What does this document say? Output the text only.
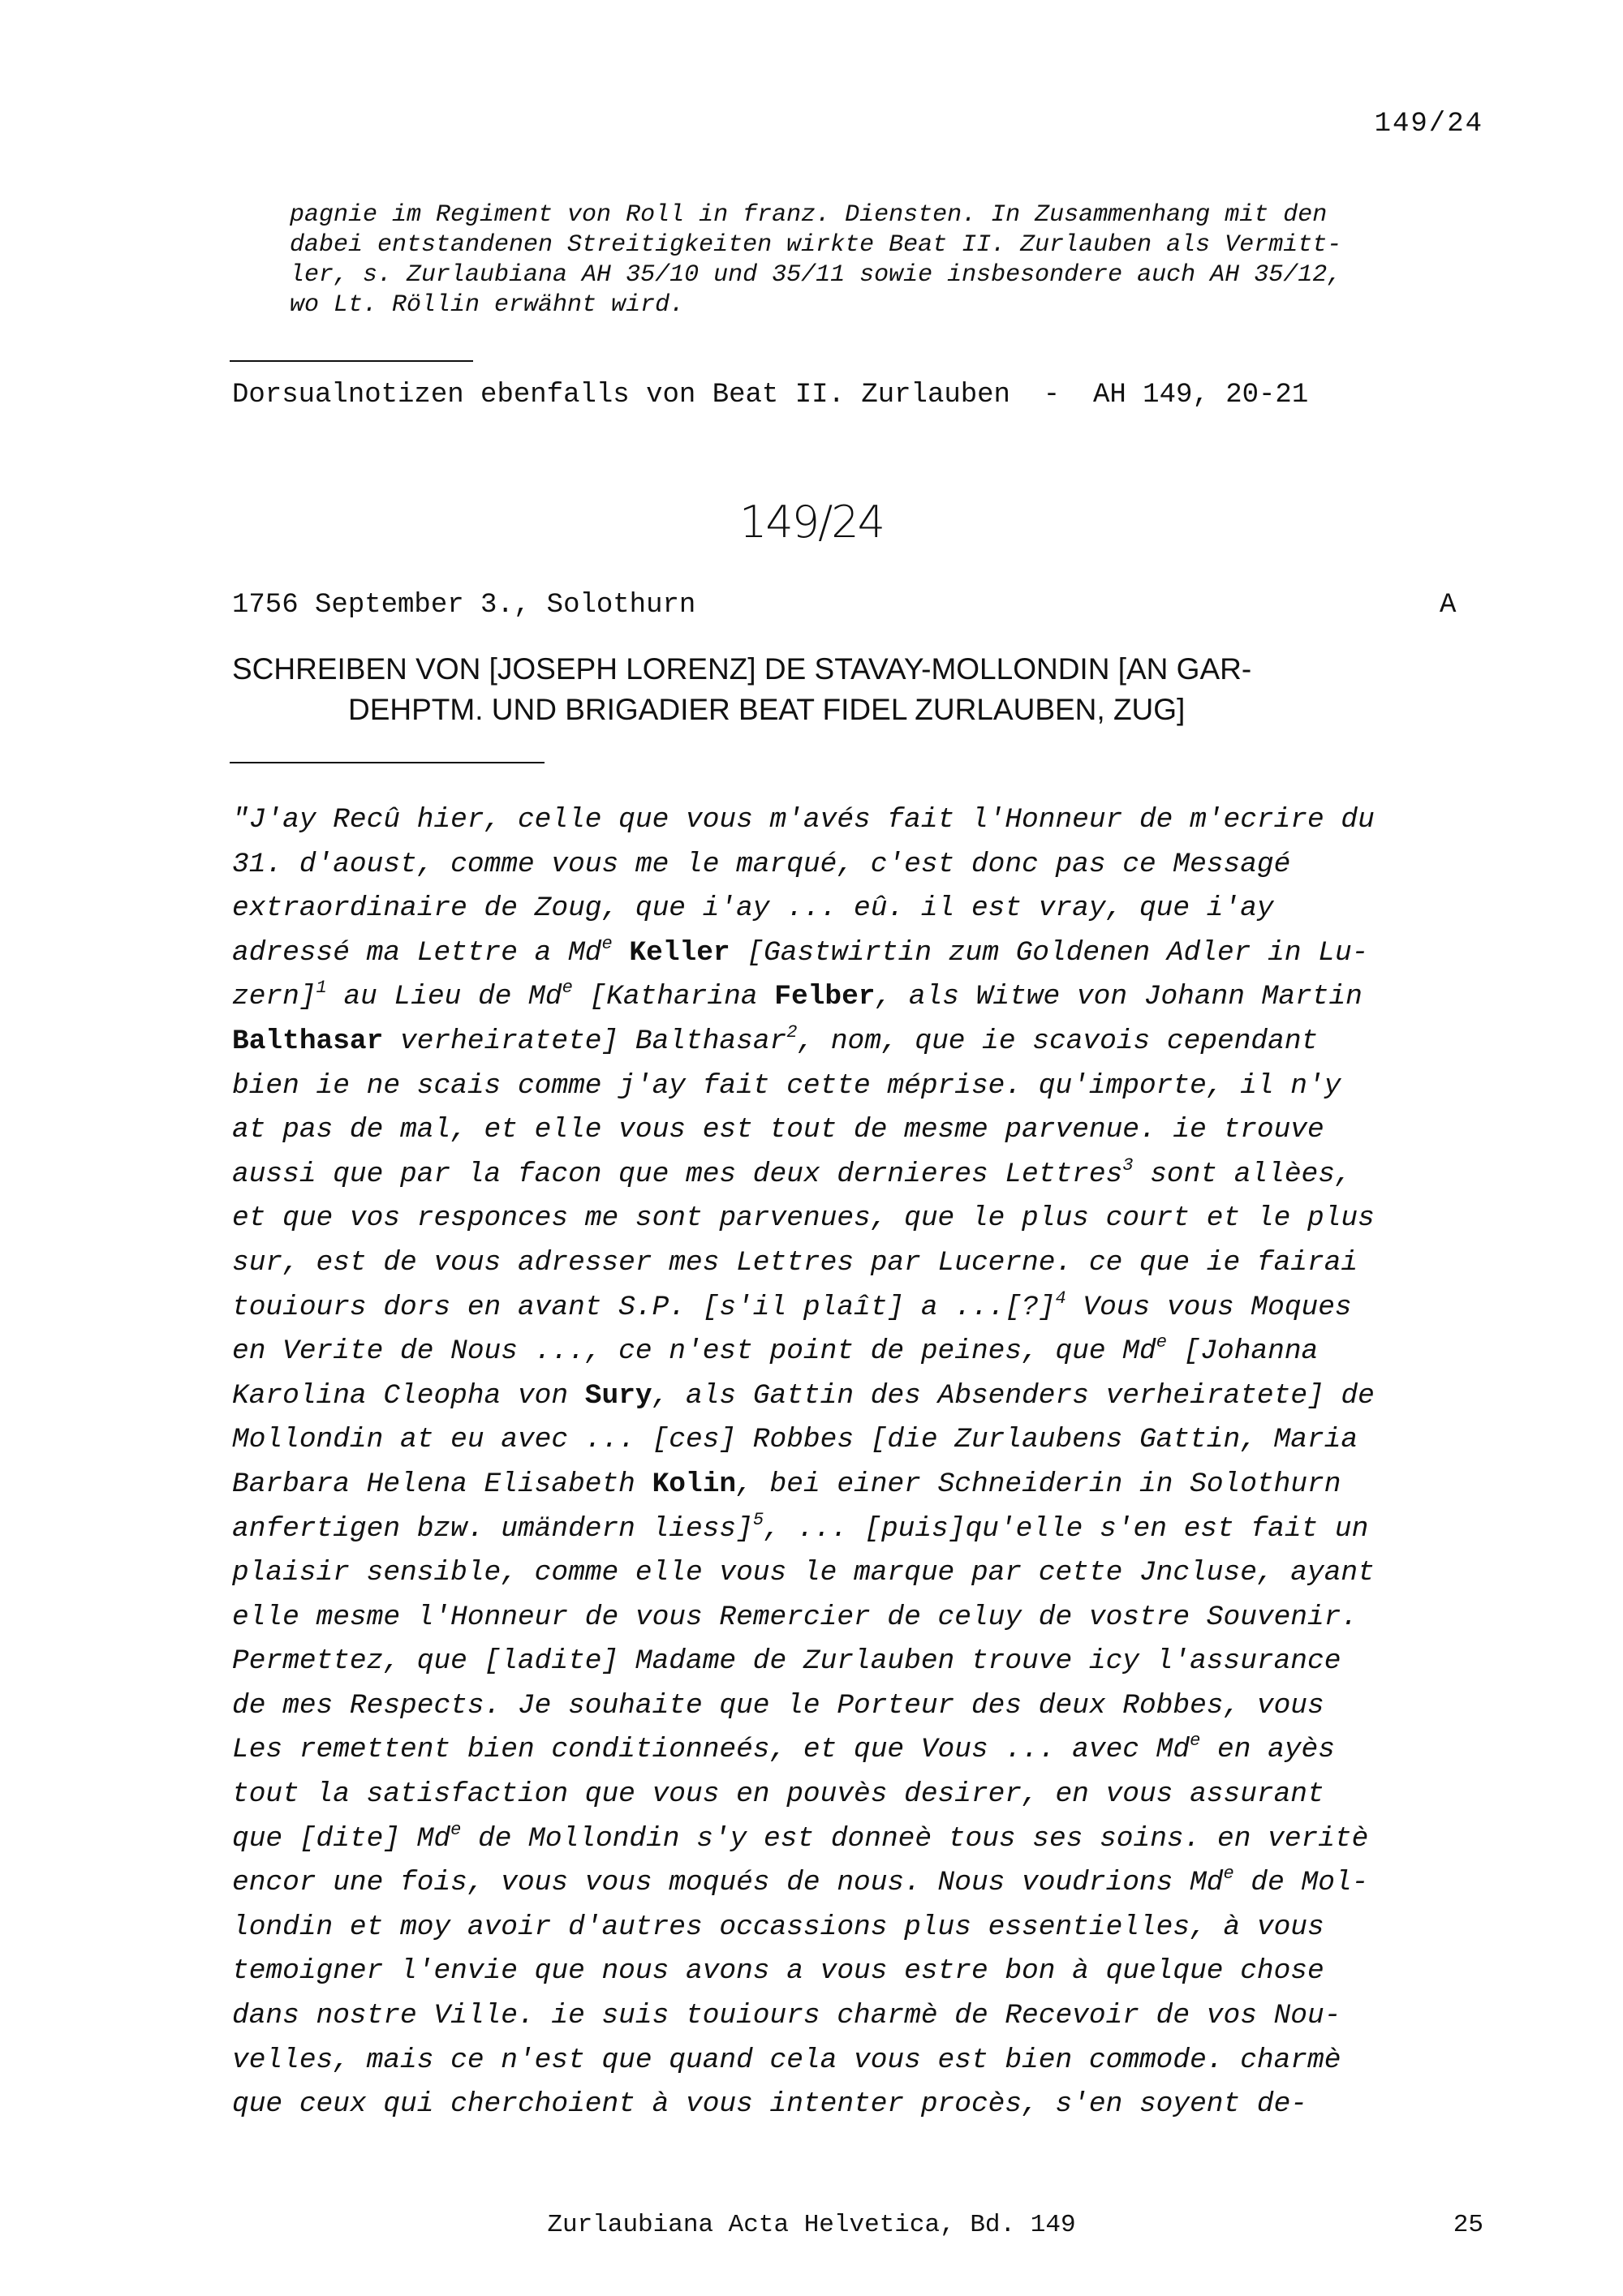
149/24
pagnie im Regiment von Roll in franz. Diensten. In Zusammenhang mit den
dabei entstandenen Streitigkeiten wirkte Beat II. Zurlauben als Vermitt-
ler, s. Zurlaubiana AH 35/10 und 35/11 sowie insbesondere auch AH 35/12,
wo Lt. Röllin erwähnt wird.
Dorsualnotizen ebenfalls von Beat II. Zurlauben  -  AH 149, 20-21
149/24
1756 September 3., Solothurn	A
SCHREIBEN VON [JOSEPH LORENZ] DE STAVAY-MOLLONDIN [AN GAR-
DEHPTM. UND BRIGADIER BEAT FIDEL ZURLAUBEN, ZUG]
"J'ay Recû hier, celle que vous m'avés fait l'Honneur de m'ecrire du
31. d'aoust, comme vous me le marqué, c'est donc pas ce Messagé
extraordinaire de Zoug, que i'ay ... eû. il est vray, que i'ay
adressé ma Lettre a Md$^e$ Keller [Gastwirtin zum Goldenen Adler in Lu-
zern]$^1$ au Lieu de Md$^e$ [Katharina Felber, als Witwe von Johann Martin
Balthasar verheiratete] Balthasar$^2$, nom, que ie scavois cependant
bien ie ne scais comme j'ay fait cette méprise. qu'importe, il n'y
at pas de mal, et elle vous est tout de mesme parvenue. ie trouve
aussi que par la facon que mes deux dernieres Lettres$^3$ sont allèes,
et que vos responces me sont parvenues, que le plus court et le plus
sur, est de vous adresser mes Lettres par Lucerne. ce que ie fairai
touiours dors en avant S.P. [s'il plaît] a ...[?]$^4$ Vous vous Moques
en Verite de Nous ..., ce n'est point de peines, que Md$^e$ [Johanna
Karolina Cleopha von Sury, als Gattin des Absenders verheiratete] de
Mollondin at eu avec ... [ces] Robbes [die Zurlaubens Gattin, Maria
Barbara Helena Elisabeth Kolin, bei einer Schneiderin in Solothurn
anfertigen bzw. umändern liess]$^5$, ... [puis]qu'elle s'en est fait un
plaisir sensible, comme elle vous le marque par cette Jncluse, ayant
elle mesme l'Honneur de vous Remercier de celuy de vostre Souvenir.
Permettez, que [ladite] Madame de Zurlauben trouve icy l'assurance
de mes Respects. Je souhaite que le Porteur des deux Robbes, vous
Les remettent bien conditionneés, et que Vous ... avec Md$^e$ en ayès
tout la satisfaction que vous en pouvès desirer, en vous assurant
que [dite] Md$^e$ de Mollondin s'y est donneè tous ses soins. en veritè
encor une fois, vous vous moqués de nous. Nous voudrions Md$^e$ de Mol-
londin et moy avoir d'autres occassions plus essentielles, à vous
temoigner l'envie que nous avons a vous estre bon à quelque chose
dans nostre Ville. ie suis touiours charmè de Recevoir de vos Nou-
velles, mais ce n'est que quand cela vous est bien commode. charmè
que ceux qui cherchoient à vous intenter procès, s'en soyent de-
Zurlaubiana Acta Helvetica, Bd. 149	25
